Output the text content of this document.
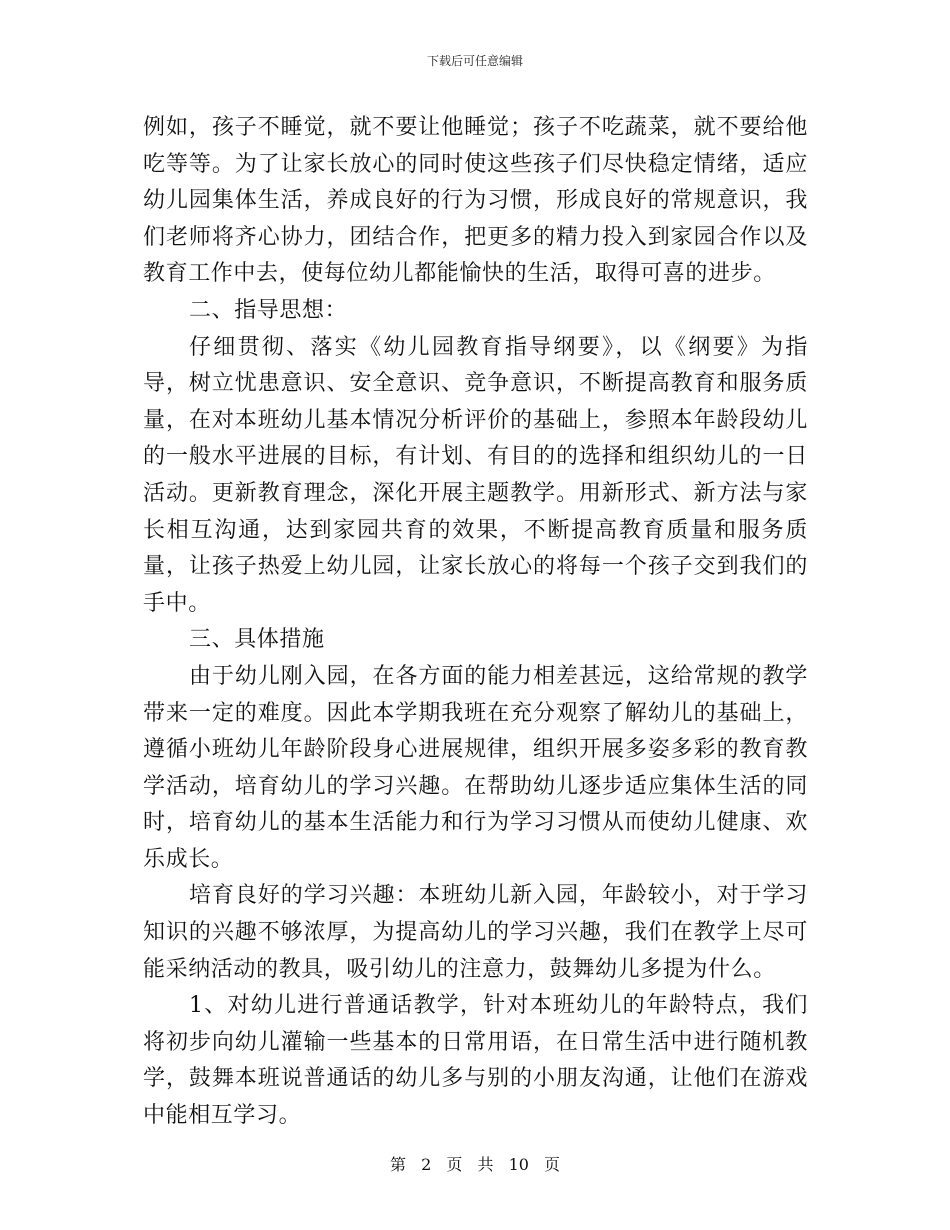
下载后可任意编辑

例如，孩子不睡觉，就不要让他睡觉；孩子不吃蔬菜，就不要给他吃等等。为了让家长放心的同时使这些孩子们尽快稳定情绪，适应幼儿园集体生活，养成良好的行为习惯，形成良好的常规意识，我们老师将齐心协力，团结合作，把更多的精力投入到家园合作以及教育工作中去，使每位幼儿都能愉快的生活，取得可喜的进步。

二、指导思想：

仔细贯彻、落实《幼儿园教育指导纲要》，以《纲要》为指导，树立忧患意识、安全意识、竞争意识，不断提高教育和服务质量，在对本班幼儿基本情况分析评价的基础上，参照本年龄段幼儿的一般水平进展的目标，有计划、有目的的选择和组织幼儿的一日活动。更新教育理念，深化开展主题教学。用新形式、新方法与家长相互沟通，达到家园共育的效果，不断提高教育质量和服务质量，让孩子热爱上幼儿园，让家长放心的将每一个孩子交到我们的手中。

三、具体措施

由于幼儿刚入园，在各方面的能力相差甚远，这给常规的教学带来一定的难度。因此本学期我班在充分观察了解幼儿的基础上，遵循小班幼儿年龄阶段身心进展规律，组织开展多姿多彩的教育教学活动，培育幼儿的学习兴趣。在帮助幼儿逐步适应集体生活的同时，培育幼儿的基本生活能力和行为学习习惯从而使幼儿健康、欢乐成长。

培育良好的学习兴趣：本班幼儿新入园，年龄较小，对于学习知识的兴趣不够浓厚，为提高幼儿的学习兴趣，我们在教学上尽可能采纳活动的教具，吸引幼儿的注意力，鼓舞幼儿多提为什么。

1、对幼儿进行普通话教学，针对本班幼儿的年龄特点，我们将初步向幼儿灌输一些基本的日常用语，在日常生活中进行随机教学，鼓舞本班说普通话的幼儿多与别的小朋友沟通，让他们在游戏中能相互学习。

第 2 页 共 10 页
